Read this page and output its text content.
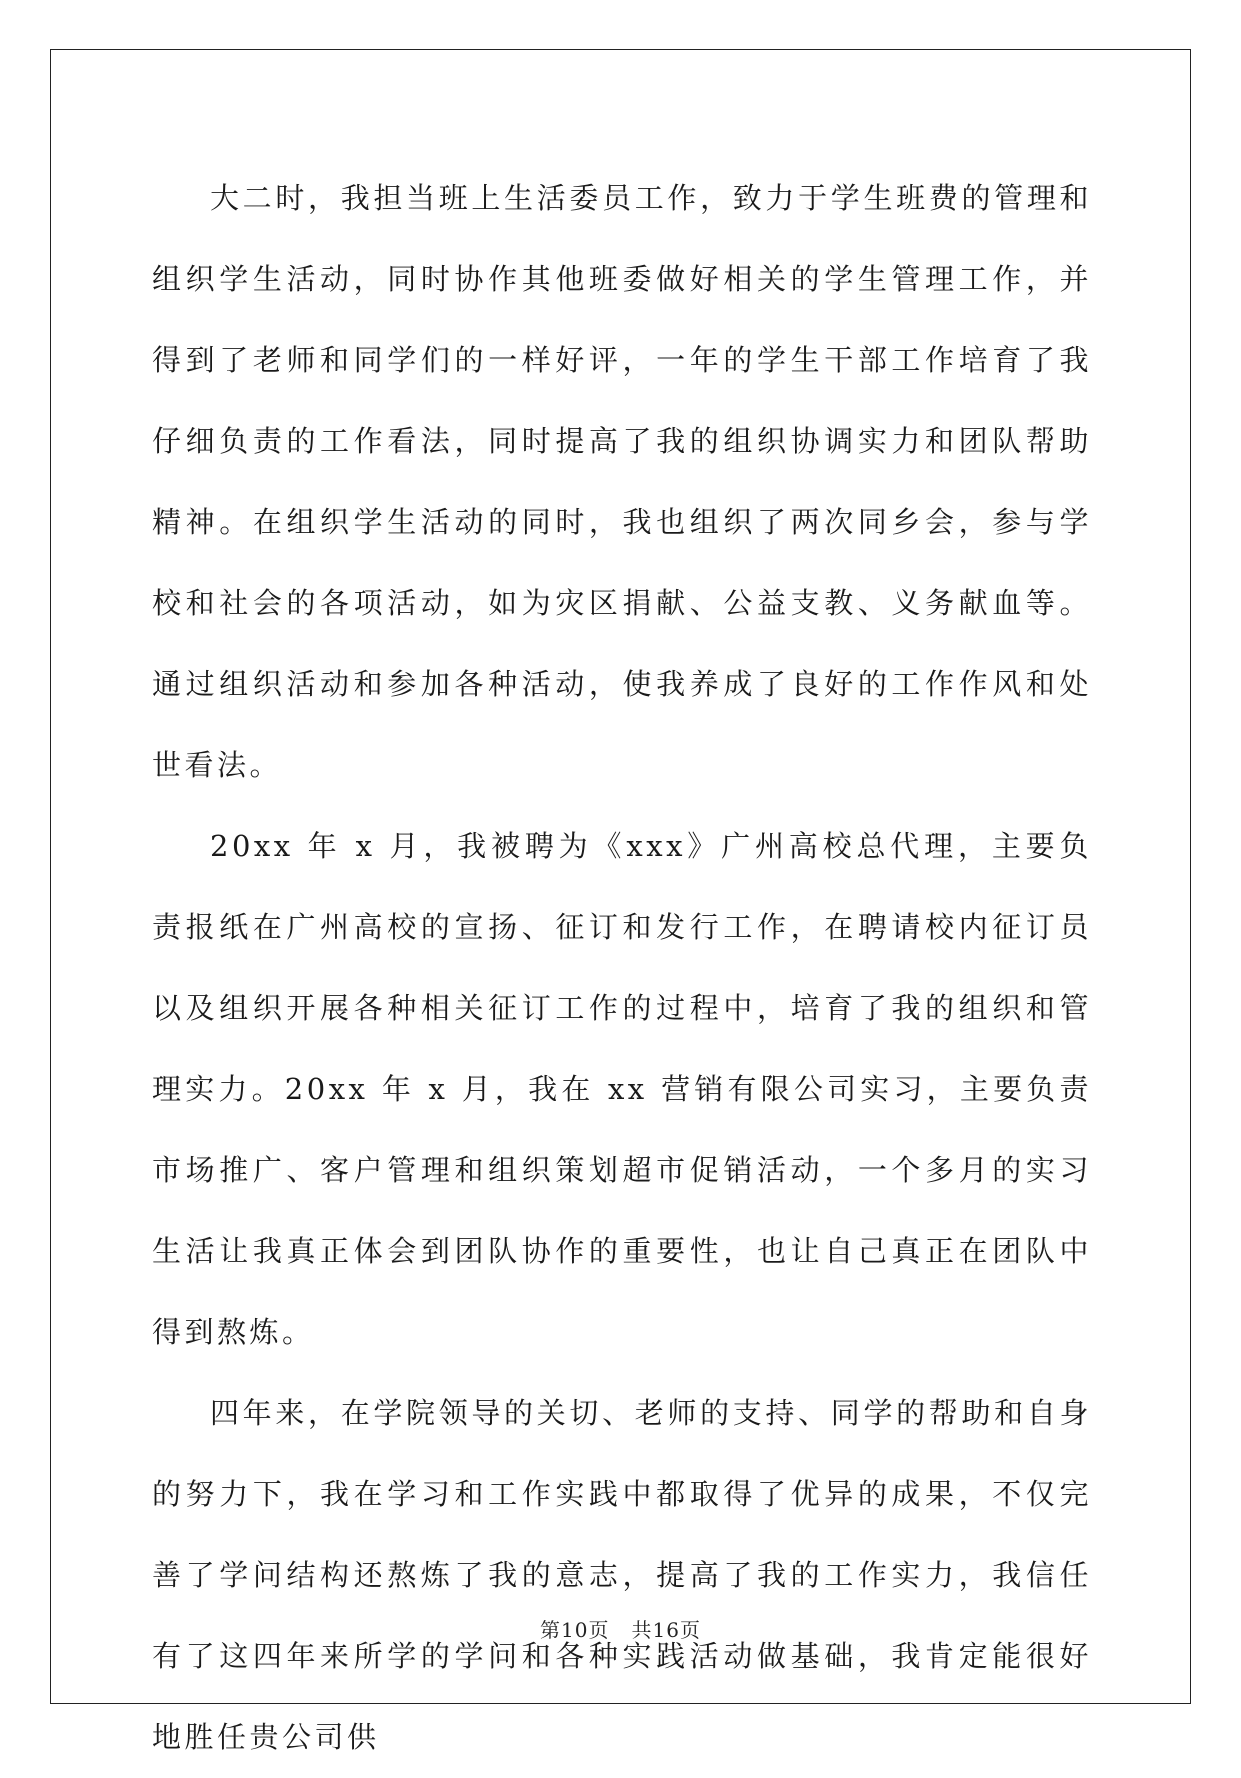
大二时，我担当班上生活委员工作，致力于学生班费的管理和组织学生活动，同时协作其他班委做好相关的学生管理工作，并得到了老师和同学们的一样好评，一年的学生干部工作培育了我仔细负责的工作看法，同时提高了我的组织协调实力和团队帮助精神。在组织学生活动的同时，我也组织了两次同乡会，参与学校和社会的各项活动，如为灾区捐献、公益支教、义务献血等。通过组织活动和参加各种活动，使我养成了良好的工作作风和处世看法。

20xx 年 x 月，我被聘为《xxx》广州高校总代理，主要负责报纸在广州高校的宣扬、征订和发行工作，在聘请校内征订员以及组织开展各种相关征订工作的过程中，培育了我的组织和管理实力。20xx 年 x 月，我在 xx 营销有限公司实习，主要负责市场推广、客户管理和组织策划超市促销活动，一个多月的实习生活让我真正体会到团队协作的重要性，也让自己真正在团队中得到熬炼。

四年来，在学院领导的关切、老师的支持、同学的帮助和自身的努力下，我在学习和工作实践中都取得了优异的成果，不仅完善了学问结构还熬炼了我的意志，提高了我的工作实力，我信任有了这四年来所学的学问和各种实践活动做基础，我肯定能很好地胜任贵公司供

第10页 共16页
